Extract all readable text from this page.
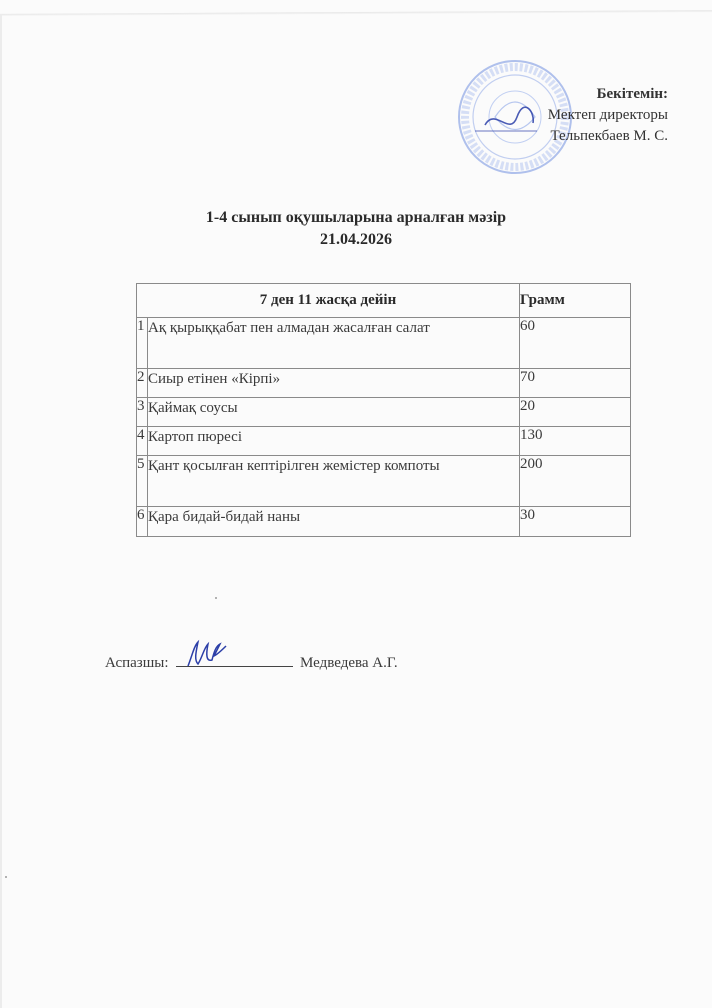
Бекітемін:
Мектеп директоры
Тельпекбаев М. С.
1-4 сынып оқушыларына арналған мәзір
21.04.2026
7 ден 11 жасқа дейін		Грамм
1	Ақ қырыққабат пен алмадан жасалған салат	60
2	Сиыр етінен «Кірпі»	70
3	Қаймақ соусы	20
4	Картоп пюресі	130
5	Қант қосылған кептірілген жемістер компоты	200
6	Қара бидай-бидай наны	30
Аспазшы:	Медведева А.Г.
